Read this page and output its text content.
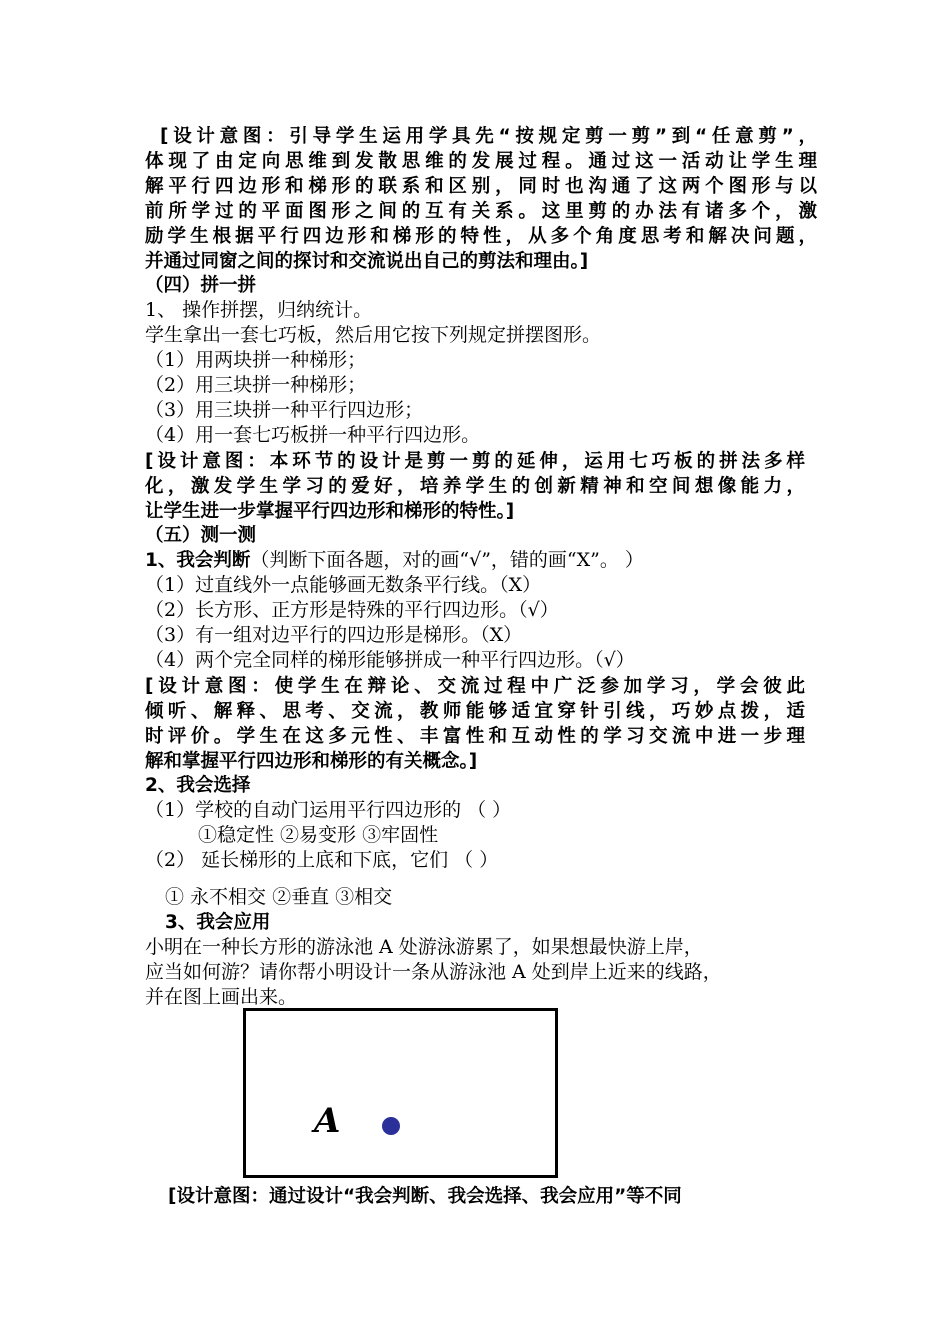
[设计意图：引导学生运用学具先“按规定剪一剪”到“任意剪”，
体现了由定向思维到发散思维的发展过程。通过这一活动让学生理
解平行四边形和梯形的联系和区别，同时也沟通了这两个图形与以
前所学过的平面图形之间的互有关系。这里剪的办法有诸多个，激
励学生根据平行四边形和梯形的特性，从多个角度思考和解决问题，
并通过同窗之间的探讨和交流说出自己的剪法和理由。]
（四）拼一拼
1、 操作拼摆，归纳统计。
学生拿出一套七巧板，然后用它按下列规定拼摆图形。
（1）用两块拼一种梯形；
（2）用三块拼一种梯形；
（3）用三块拼一种平行四边形；
（4）用一套七巧板拼一种平行四边形。
[设计意图：本环节的设计是剪一剪的延伸，运用七巧板的拼法多样
化，激发学生学习的爱好，培养学生的创新精神和空间想像能力，
让学生进一步掌握平行四边形和梯形的特性。]
（五）测一测
1、我会判断（判断下面各题，对的画“√”，错的画“X”。 ）
（1）过直线外一点能够画无数条平行线。（X）
（2）长方形、正方形是特殊的平行四边形。（√）
（3）有一组对边平行的四边形是梯形。（X）
（4）两个完全同样的梯形能够拼成一种平行四边形。（√）
[设计意图：使学生在辩论、交流过程中广泛参加学习，学会彼此
倾听、解释、思考、交流，教师能够适宜穿针引线，巧妙点拨，适
时评价。学生在这多元性、丰富性和互动性的学习交流中进一步理
解和掌握平行四边形和梯形的有关概念。]
2、我会选择
（1）学校的自动门运用平行四边形的 （ ）
①稳定性 ②易变形 ③牢固性
（2） 延长梯形的上底和下底，它们 （ ）
① 永不相交 ②垂直 ③相交
3、我会应用
小明在一种长方形的游泳池 A 处游泳游累了，如果想最快游上岸，
应当如何游？请你帮小明设计一条从游泳池 A 处到岸上近来的线路，
并在图上画出来。
A
[设计意图：通过设计“我会判断、我会选择、我会应用”等不同
